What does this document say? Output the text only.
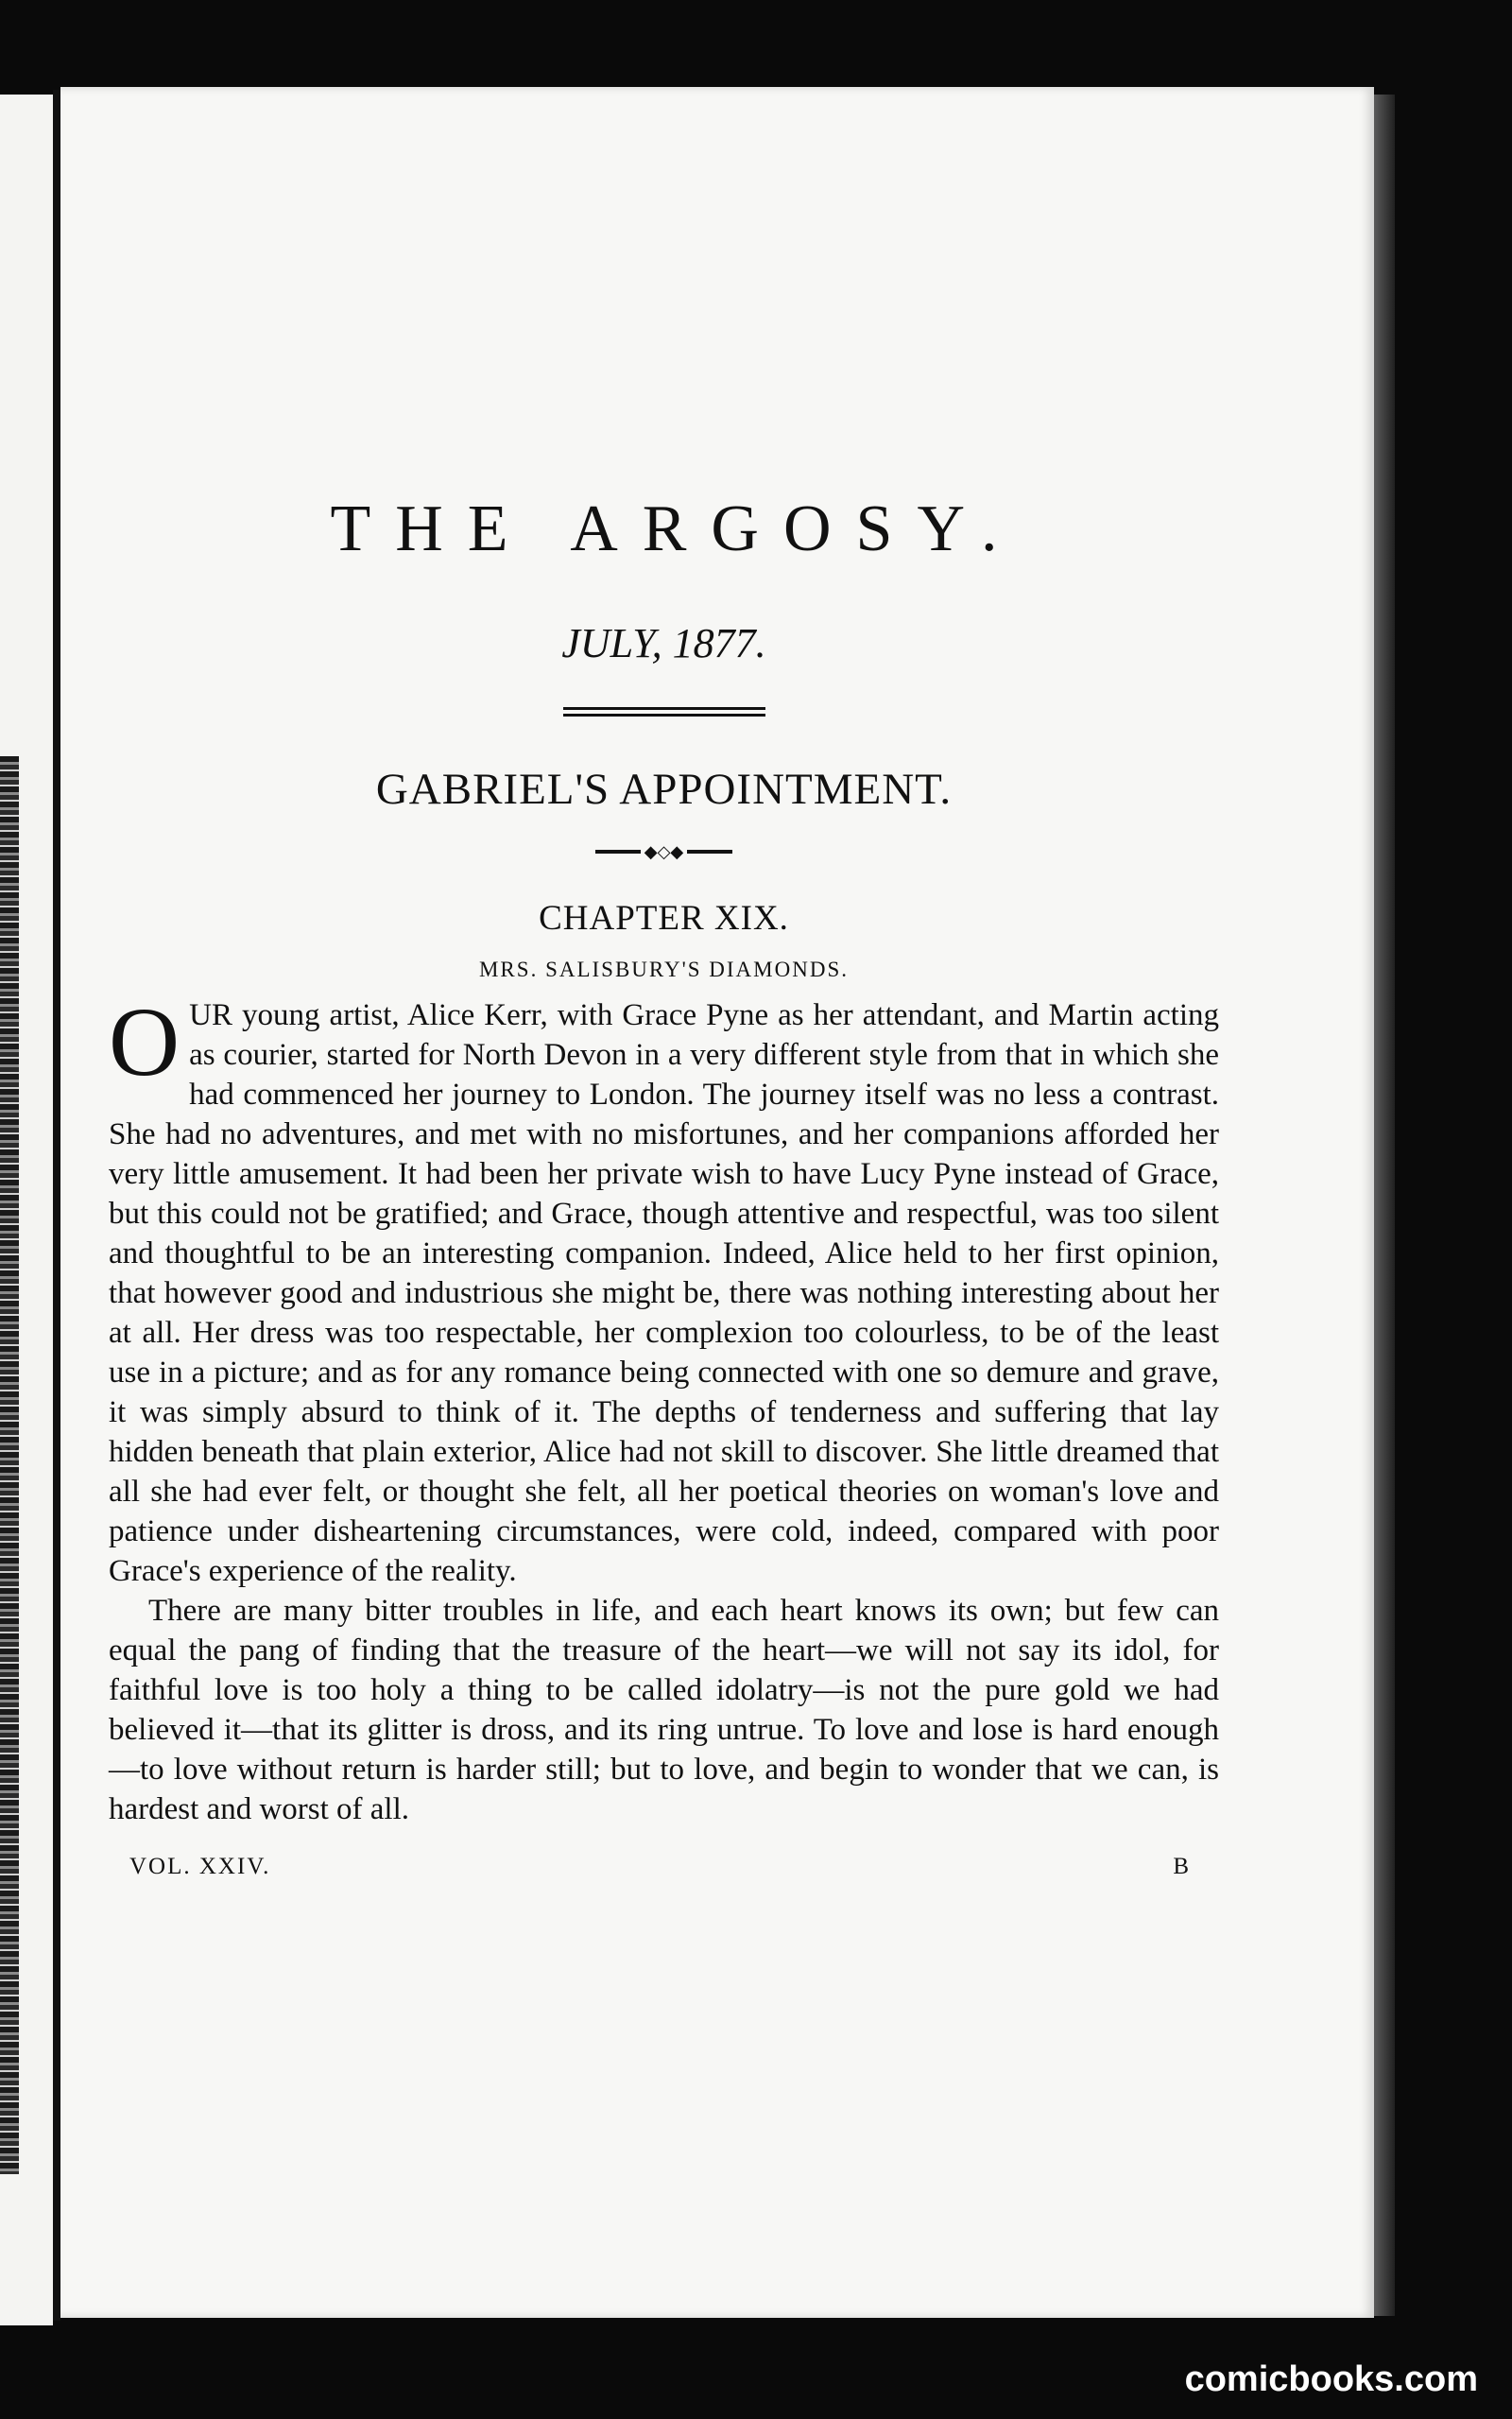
THE ARGOSY.
JULY, 1877.
GABRIEL'S APPOINTMENT.
◆◇◆
CHAPTER XIX.
MRS. SALISBURY'S DIAMONDS.

OUR young artist, Alice Kerr, with Grace Pyne as her attendant, and Martin acting as courier, started for North Devon in a very different style from that in which she had commenced her journey to London. The journey itself was no less a contrast. She had no adventures, and met with no misfortunes, and her companions afforded her very little amusement. It had been her private wish to have Lucy Pyne instead of Grace, but this could not be gratified; and Grace, though attentive and respectful, was too silent and thoughtful to be an interesting companion. Indeed, Alice held to her first opinion, that however good and industrious she might be, there was nothing interesting about her at all. Her dress was too respectable, her complexion too colourless, to be of the least use in a picture; and as for any romance being connected with one so demure and grave, it was simply absurd to think of it. The depths of tenderness and suffering that lay hidden beneath that plain exterior, Alice had not skill to discover. She little dreamed that all she had ever felt, or thought she felt, all her poetical theories on woman's love and patience under disheartening circumstances, were cold, indeed, compared with poor Grace's experience of the reality.

There are many bitter troubles in life, and each heart knows its own; but few can equal the pang of finding that the treasure of the heart—we will not say its idol, for faithful love is too holy a thing to be called idolatry—is not the pure gold we had believed it—that its glitter is dross, and its ring untrue. To love and lose is hard enough—to love without return is harder still; but to love, and begin to wonder that we can, is hardest and worst of all.

VOL. XXIV.	B
comicbooks.com
